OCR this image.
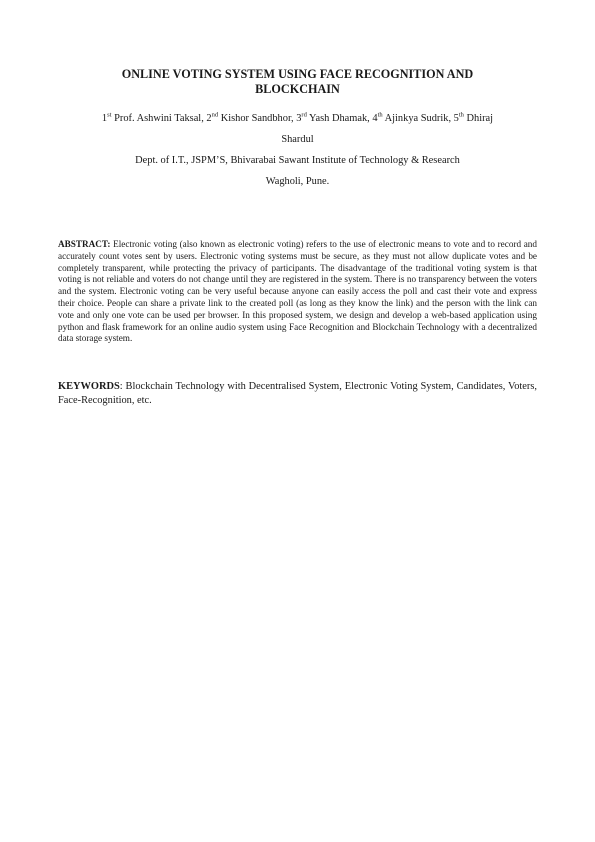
ONLINE VOTING SYSTEM USING FACE RECOGNITION AND
BLOCKCHAIN

1st Prof. Ashwini Taksal, 2nd Kishor Sandbhor, 3rd Yash Dhamak, 4th Ajinkya Sudrik, 5th Dhiraj
Shardul

Dept. of I.T., JSPM’S, Bhivarabai Sawant Institute of Technology & Research
Wagholi, Pune.

ABSTRACT: Electronic voting (also known as electronic voting) refers to the use of electronic means to vote and to record and accurately count votes sent by users. Electronic voting systems must be secure, as they must not allow duplicate votes and be completely transparent, while protecting the privacy of participants. The disadvantage of the traditional voting system is that voting is not reliable and voters do not change until they are registered in the system. There is no transparency between the voters and the system. Electronic voting can be very useful because anyone can easily access the poll and cast their vote and express their choice. People can share a private link to the created poll (as long as they know the link) and the person with the link can vote and only one vote can be used per browser. In this proposed system, we design and develop a web-based application using python and flask framework for an online audio system using Face Recognition and Blockchain Technology with a decentralized data storage system.

KEYWORDS: Blockchain Technology with Decentralised System, Electronic Voting System, Candidates, Voters, Face-Recognition, etc.
